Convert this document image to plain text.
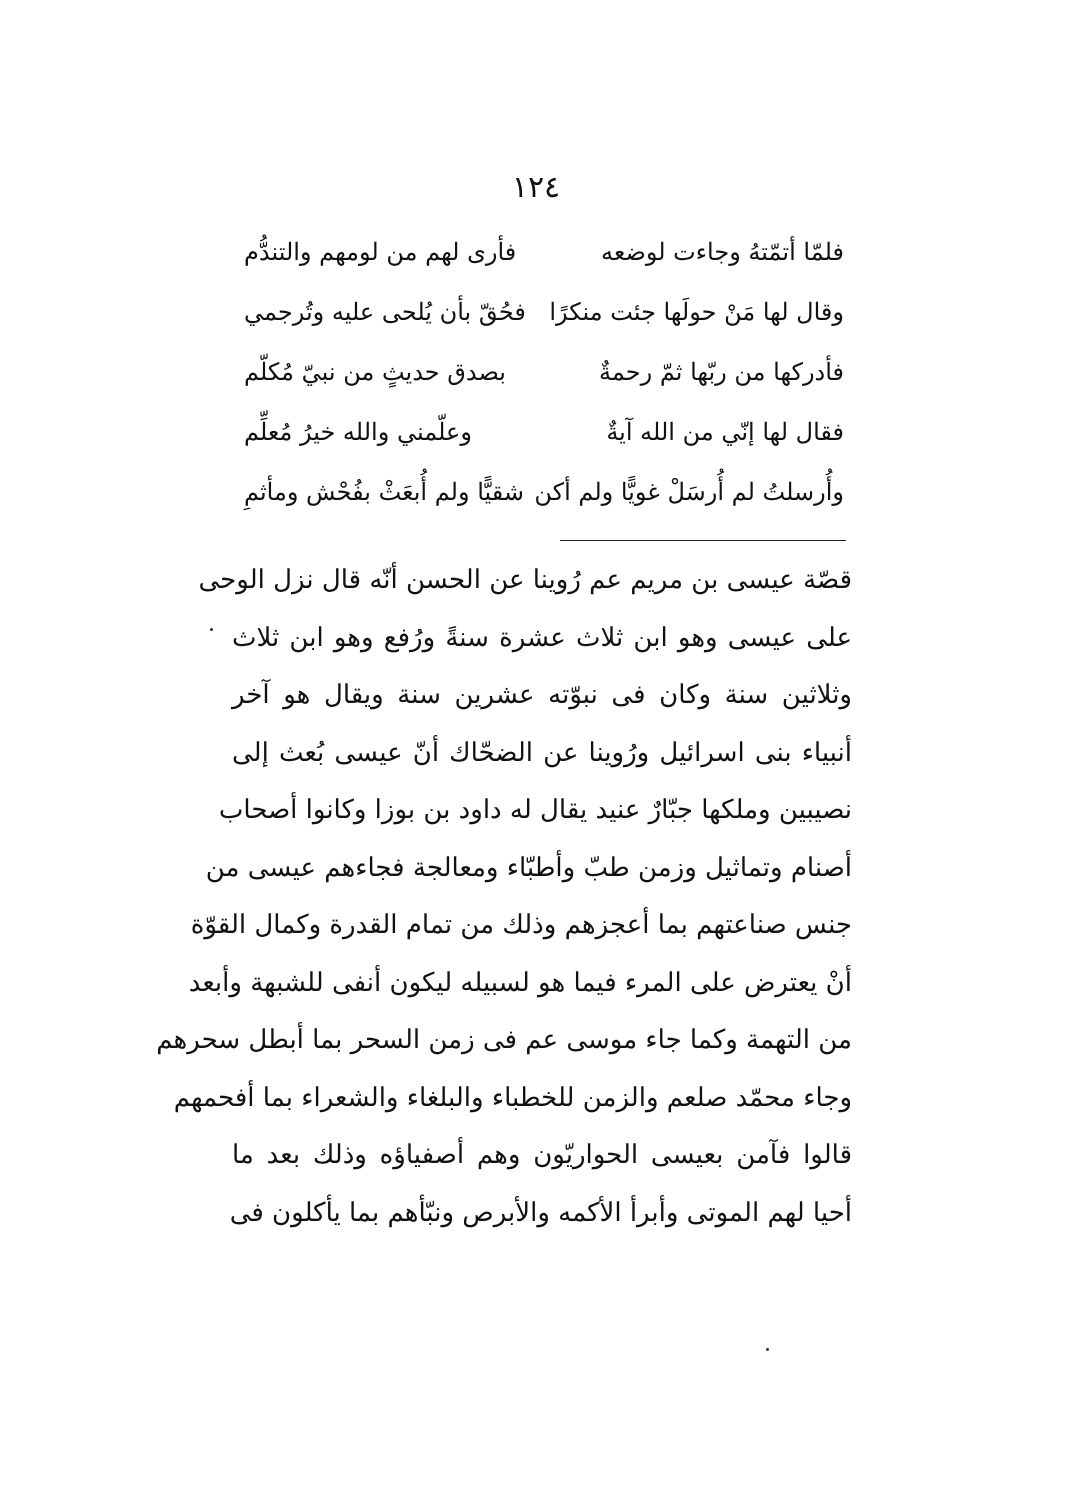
١٢٤
فلمّا أتمّتهُ وجاءت لوضعه
فأرى لهم من لومهم والتندُّم
وقال لها مَنْ حولَها جئت منكرًا
فحُقّ بأن يُلحى عليه وتُرجمي
فأدركها من ربّها ثمّ رحمةٌ
بصدق حديثٍ من نبيّ مُكلّم
فقال لها إنّي من الله آيةٌ
وعلّمني والله خيرُ مُعلِّم
وأُرسلتُ لم أُرسَلْ غويًّا ولم أكن
شقيًّا ولم أُبعَثْ بفُحْش ومأثمِ
قصّة عيسى بن مريم عم رُوينا عن الحسن أنّه قال نزل الوحى
على عيسى وهو ابن ثلاث عشرة سنةً ورُفع وهو ابن ثلاث
وثلاثين سنة وكان فى نبوّته عشرين سنة ويقال هو آخر
أنبياء بنى اسرائيل ورُوينا عن الضحّاك أنّ عيسى بُعث إلى
نصيبين وملكها جبّارٌ عنيد يقال له داود بن بوزا وكانوا أصحاب
أصنام وتماثيل وزمن طبّ وأطبّاء ومعالجة فجاءهم عيسى من
جنس صناعتهم بما أعجزهم وذلك من تمام القدرة وكمال القوّة
أنْ يعترض على المرء فيما هو لسبيله ليكون أنفى للشبهة وأبعد
من التهمة وكما جاء موسى عم فى زمن السحر بما أبطل سحرهم
وجاء محمّد صلعم والزمن للخطباء والبلغاء والشعراء بما أفحمهم
قالوا فآمن بعيسى الحواريّون وهم أصفياؤه وذلك بعد ما
أحيا لهم الموتى وأبرأ الأكمه والأبرص ونبّأهم بما يأكلون فى
